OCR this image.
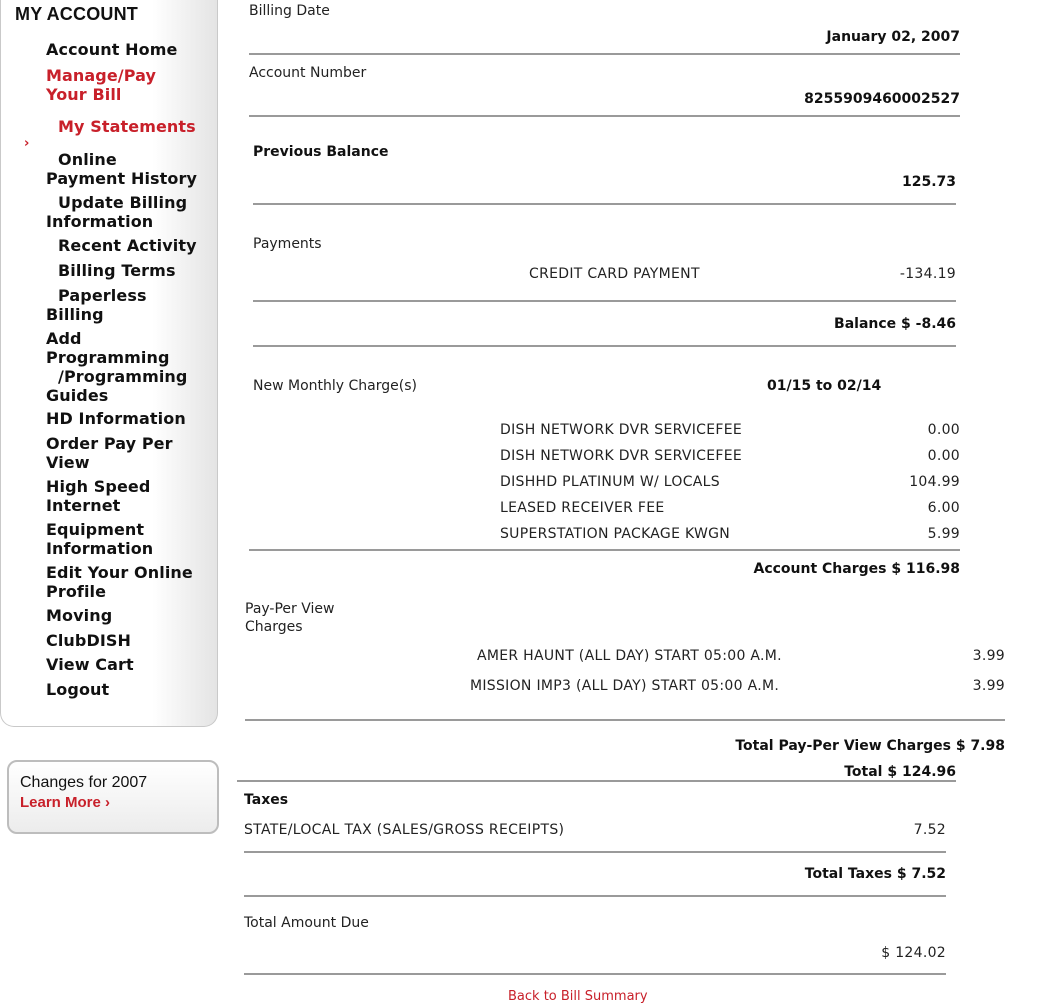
MY ACCOUNT
›
Account Home
Manage/Pay
Your Bill
My Statements
Online
Payment History
Update Billing
Information
Recent Activity
Billing Terms
Paperless
Billing
Add
Programming
/Programming
Guides
HD Information
Order Pay Per
View
High Speed
Internet
Equipment
Information
Edit Your Online
Profile
Moving
ClubDISH
View Cart
Logout
Changes for 2007
Learn More ›
Billing Date
January 02, 2007
Account Number
8255909460002527
Previous Balance
125.73
Payments
CREDIT CARD PAYMENT	-134.19
Balance $ -8.46
New Monthly Charge(s)	01/15 to 02/14
DISH NETWORK DVR SERVICEFEE	0.00
DISH NETWORK DVR SERVICEFEE	0.00
DISHHD PLATINUM W/ LOCALS	104.99
LEASED RECEIVER FEE	6.00
SUPERSTATION PACKAGE KWGN	5.99
Account Charges $ 116.98
Pay-Per View
Charges
AMER HAUNT (ALL DAY) START 05:00 A.M.	3.99
MISSION IMP3 (ALL DAY) START 05:00 A.M.	3.99
Total Pay-Per View Charges $ 7.98
Total $ 124.96
Taxes
STATE/LOCAL TAX (SALES/GROSS RECEIPTS)	7.52
Total Taxes $ 7.52
Total Amount Due
$ 124.02
Back to Bill Summary
